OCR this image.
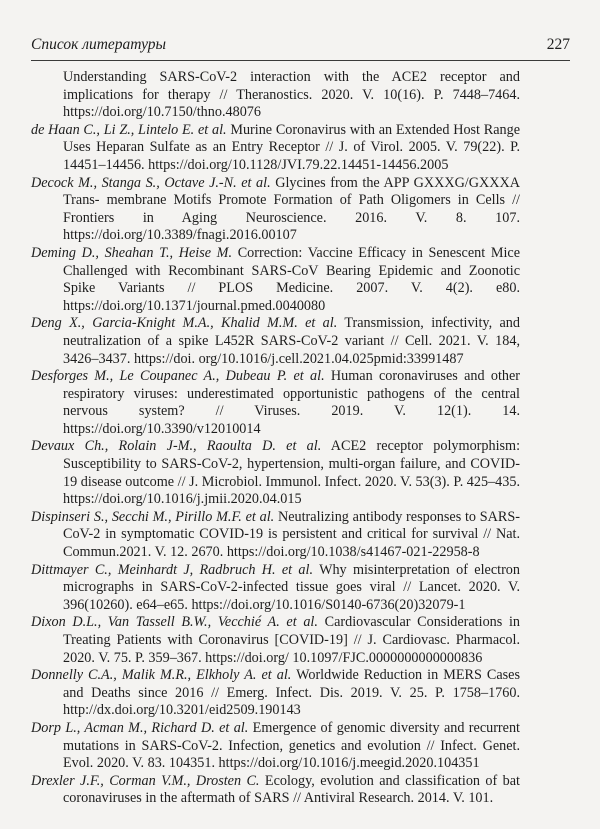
Список литературы	227

Understanding SARS-CoV-2 interaction with the ACE2 receptor and implications for therapy // Theranostics. 2020. V. 10(16). P. 7448–7464. https://doi.org/10.7150/thno.48076

de Haan C., Li Z., Lintelo E. et al. Murine Coronavirus with an Extended Host Range Uses Heparan Sulfate as an Entry Receptor // J. of Virol. 2005. V. 79(22). P. 14451–14456. https://doi.org/10.1128/JVI.79.22.14451-14456.2005

Decock M., Stanga S., Octave J.-N. et al. Glycines from the APP GXXXG/GXXXA Trans- membrane Motifs Promote Formation of Path Oligomers in Cells // Frontiers in Aging Neuroscience. 2016. V. 8. 107. https://doi.org/10.3389/fnagi.2016.00107

Deming D., Sheahan T., Heise M. Correction: Vaccine Efficacy in Senescent Mice Challenged with Recombinant SARS-CoV Bearing Epidemic and Zoonotic Spike Variants // PLOS Medicine. 2007. V. 4(2). e80. https://doi.org/10.1371/journal.pmed.0040080

Deng X., Garcia-Knight M.A., Khalid M.M. et al. Transmission, infectivity, and neutralization of a spike L452R SARS-CoV-2 variant // Cell. 2021. V. 184, 3426–3437. https://doi. org/10.1016/j.cell.2021.04.025pmid:33991487

Desforges M., Le Coupanec A., Dubeau P. et al. Human coronaviruses and other respiratory viruses: underestimated opportunistic pathogens of the central nervous system? // Viruses. 2019. V. 12(1). 14. https://doi.org/10.3390/v12010014

Devaux Ch., Rolain J-M., Raoulta D. et al. ACE2 receptor polymorphism: Susceptibility to SARS-CoV-2, hypertension, multi-organ failure, and COVID-19 disease outcome // J. Microbiol. Immunol. Infect. 2020. V. 53(3). P. 425–435. https://doi.org/10.1016/j.jmii.2020.04.015

Dispinseri S., Secchi M., Pirillo M.F. et al. Neutralizing antibody responses to SARS-CoV-2 in symptomatic COVID-19 is persistent and critical for survival // Nat. Commun.2021. V. 12. 2670. https://doi.org/10.1038/s41467-021-22958-8

Dittmayer C., Meinhardt J, Radbruch H. et al. Why misinterpretation of electron micrographs in SARS-CoV-2-infected tissue goes viral // Lancet. 2020. V. 396(10260). e64–e65. https://doi.org/10.1016/S0140-6736(20)32079-1

Dixon D.L., Van Tassell B.W., Vecchié A. et al. Cardiovascular Considerations in Treating Patients with Coronavirus [COVID-19] // J. Cardiovasc. Pharmacol. 2020. V. 75. P. 359–367. https://doi.org/ 10.1097/FJC.0000000000000836

Donnelly C.A., Malik M.R., Elkholy A. et al. Worldwide Reduction in MERS Cases and Deaths since 2016 // Emerg. Infect. Dis. 2019. V. 25. P. 1758–1760. http://dx.doi.org/10.3201/eid2509.190143

Dorp L., Acman M., Richard D. et al. Emergence of genomic diversity and recurrent mutations in SARS-CoV-2. Infection, genetics and evolution // Infect. Genet. Evol. 2020. V. 83. 104351. https://doi.org/10.1016/j.meegid.2020.104351

Drexler J.F., Corman V.M., Drosten C. Ecology, evolution and classification of bat coronaviruses in the aftermath of SARS // Antiviral Research. 2014. V. 101.
